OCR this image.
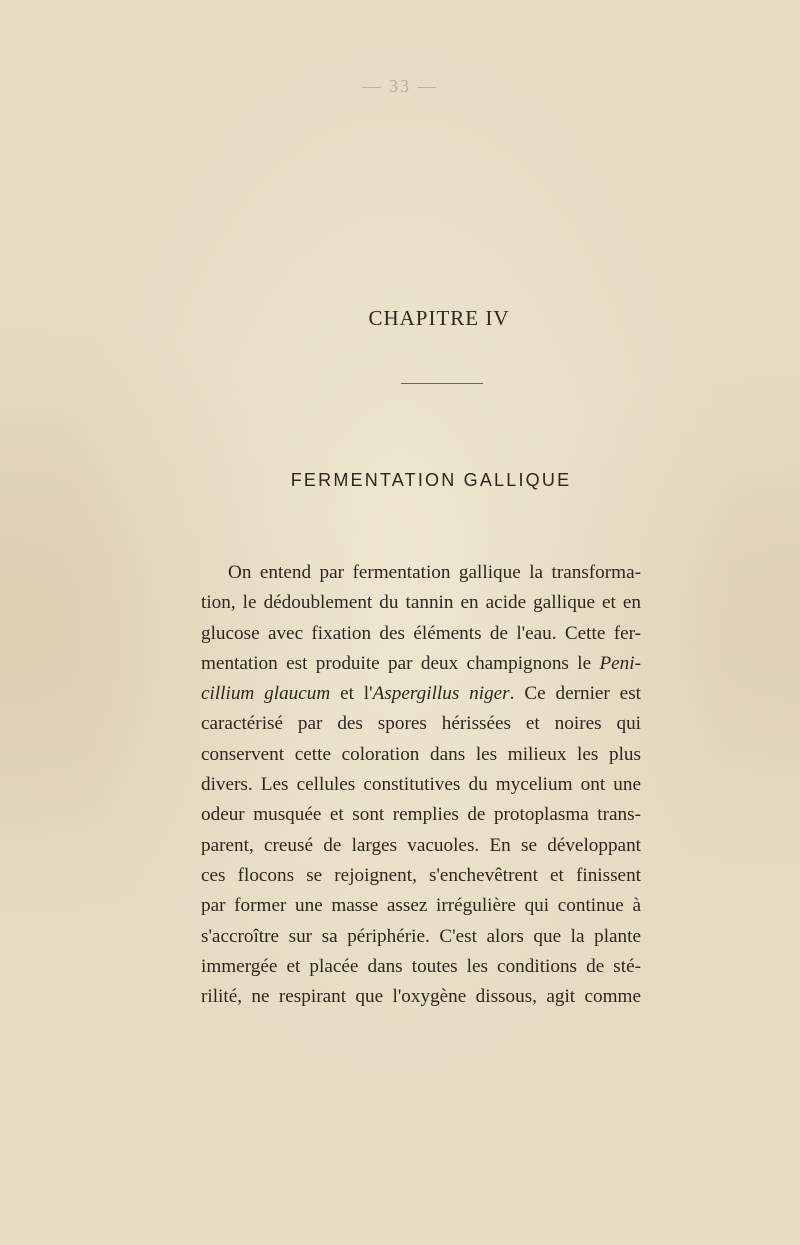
— 33 —
CHAPITRE IV
FERMENTATION GALLIQUE
On entend par fermentation gallique la transforma-
tion, le dédoublement du tannin en acide gallique et en
glucose avec fixation des éléments de l'eau. Cette fer-
mentation est produite par deux champignons le Peni-
cillium glaucum et l'Aspergillus niger. Ce dernier est
caractérisé par des spores hérissées et noires qui
conservent cette coloration dans les milieux les plus
divers. Les cellules constitutives du mycelium ont une
odeur musquée et sont remplies de protoplasma trans-
parent, creusé de larges vacuoles. En se développant
ces flocons se rejoignent, s'enchevêtrent et finissent
par former une masse assez irrégulière qui continue à
s'accroître sur sa périphérie. C'est alors que la plante
immergée et placée dans toutes les conditions de sté-
rilité, ne respirant que l'oxygène dissous, agit comme
